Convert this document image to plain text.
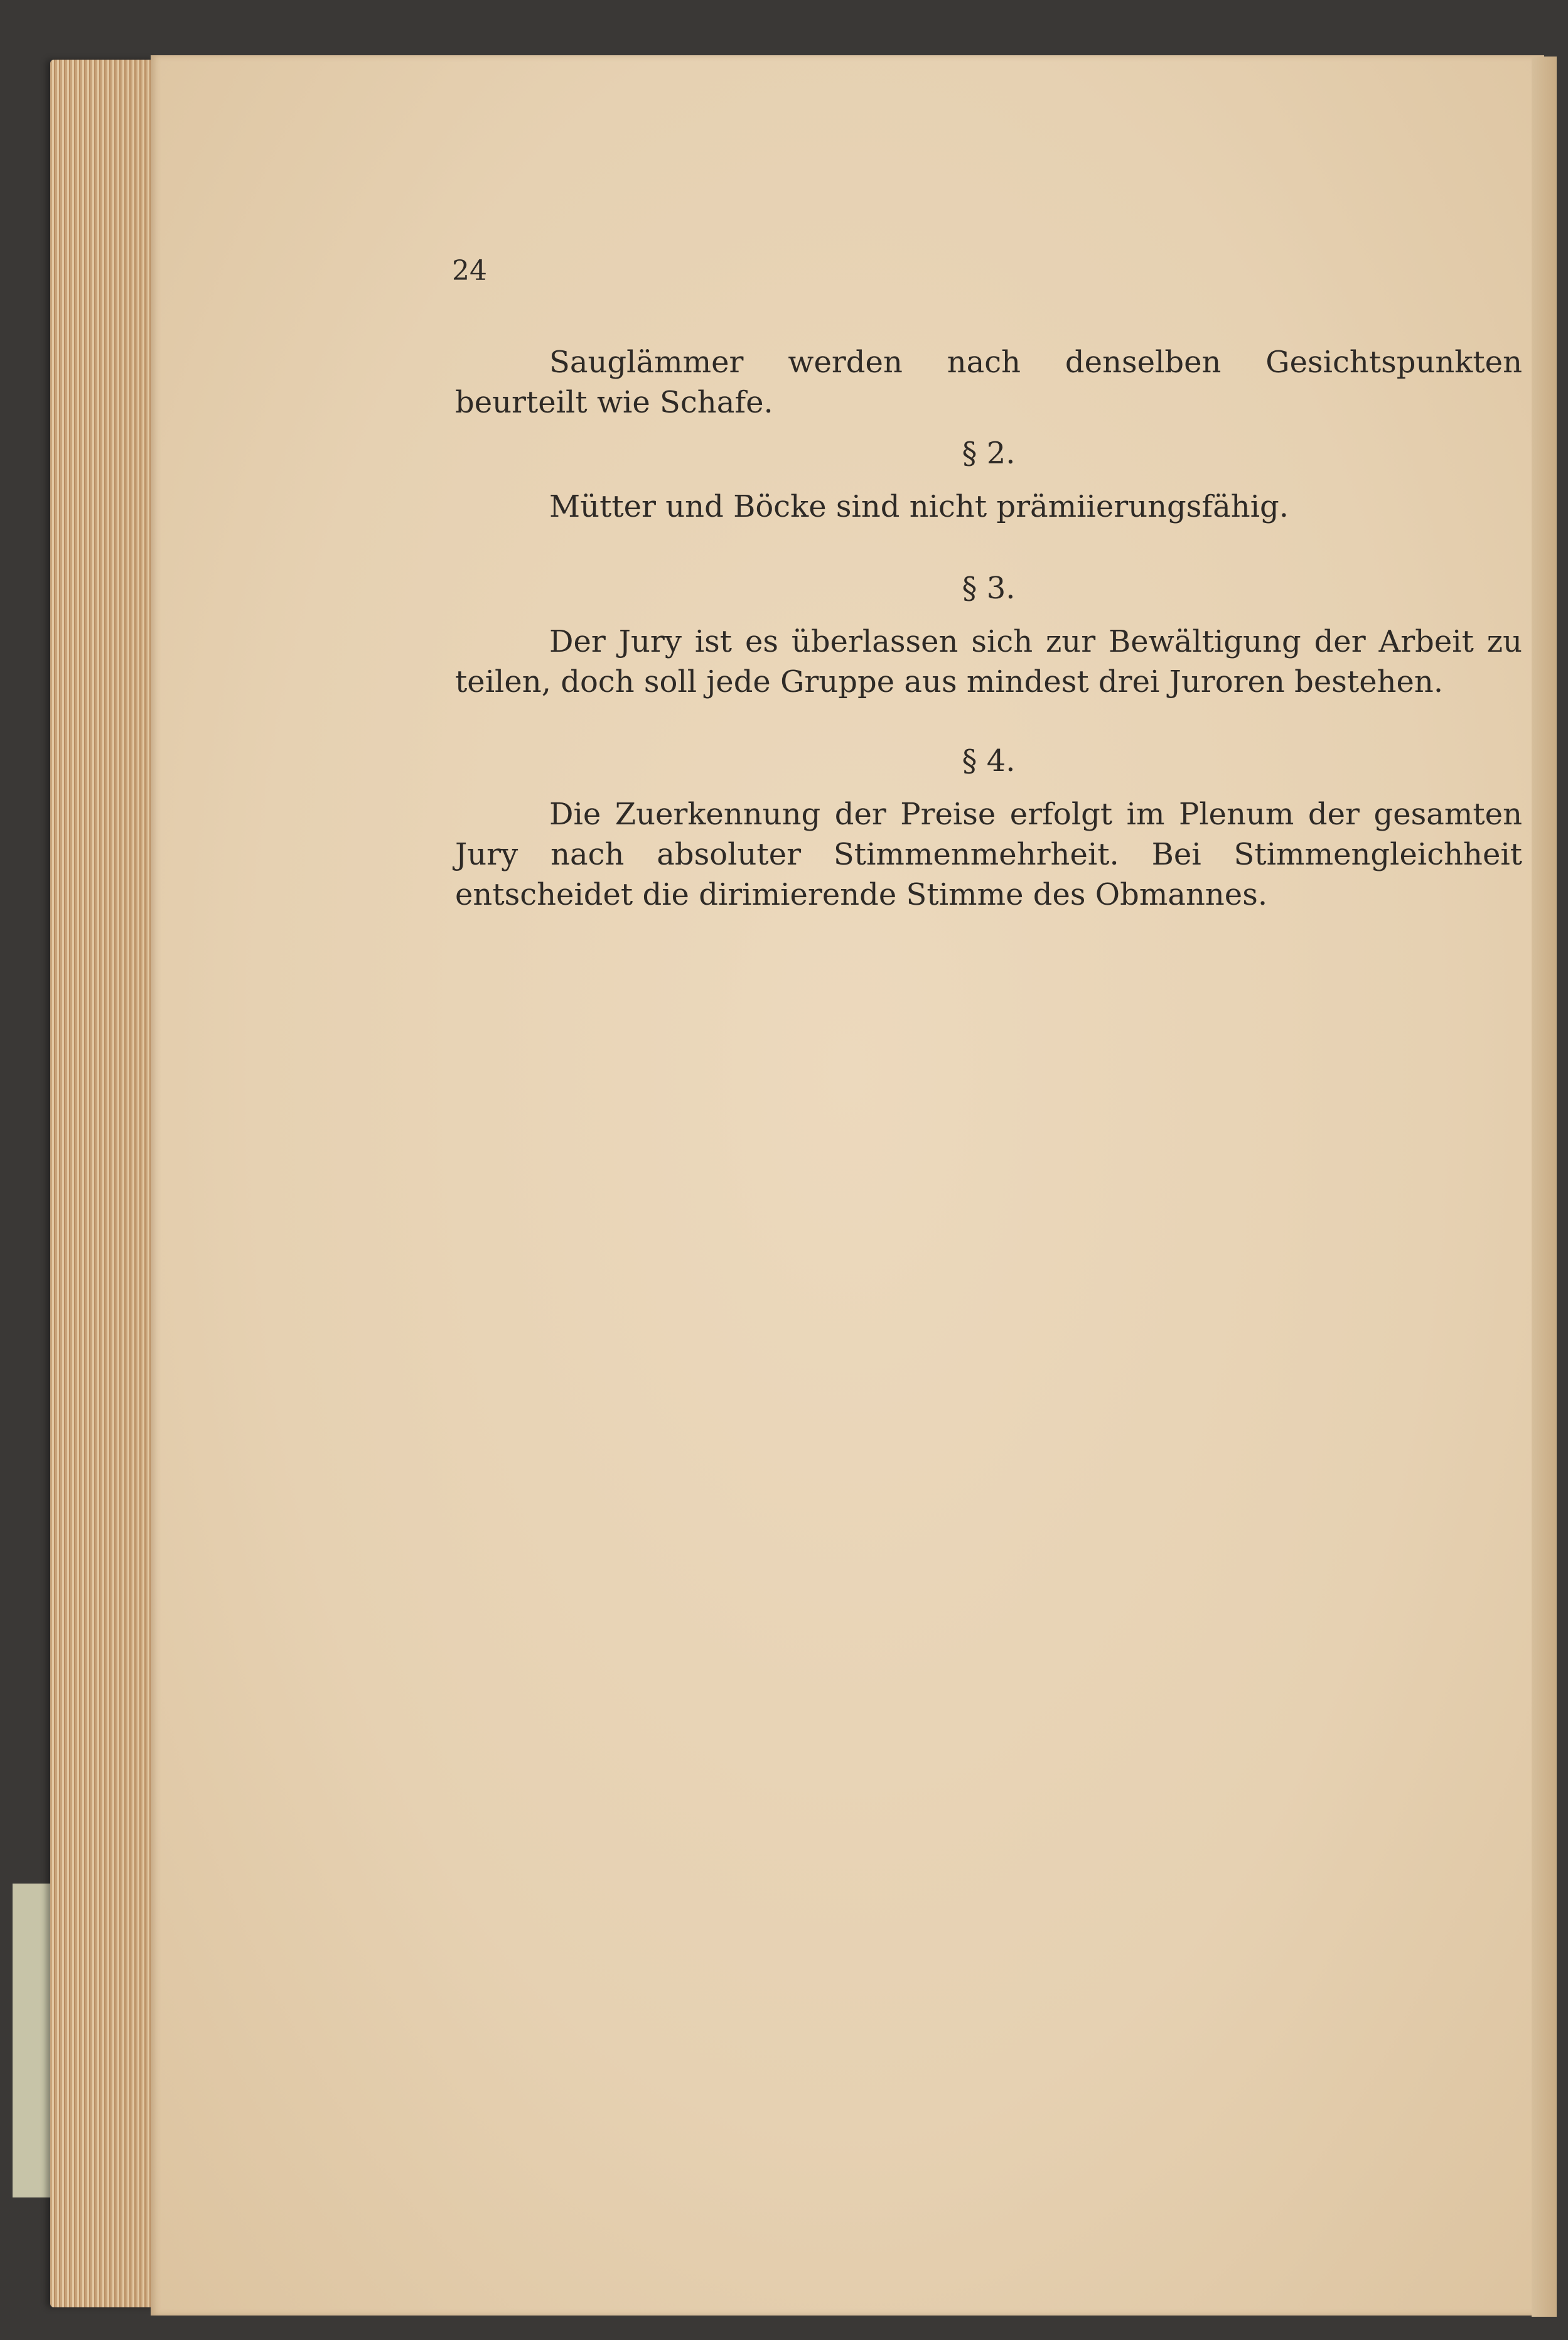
24
Sauglämmer werden nach denselben Gesichtspunkten beurteilt wie Schafe.
§ 2.
Mütter und Böcke sind nicht prämiierungsfähig.
§ 3.
Der Jury ist es überlassen sich zur Bewältigung der Arbeit zu teilen, doch soll jede Gruppe aus mindest drei Juroren bestehen.
§ 4.
Die Zuerkennung der Preise erfolgt im Plenum der gesamten Jury nach absoluter Stimmenmehrheit. Bei Stimmengleichheit entscheidet die dirimierende Stimme des Obmannes.
